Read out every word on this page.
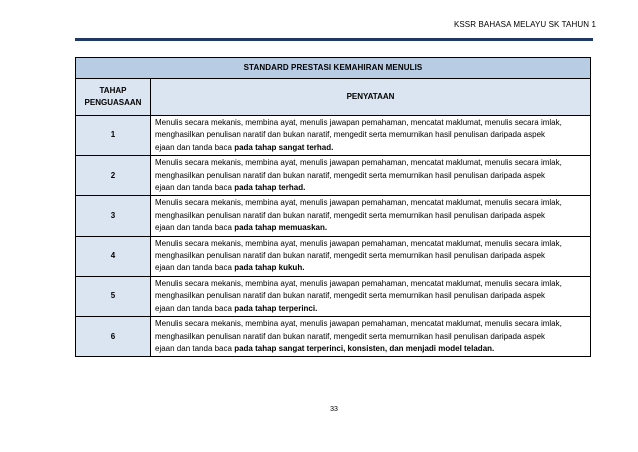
KSSR BAHASA MELAYU SK TAHUN 1
STANDARD PRESTASI KEMAHIRAN MENULIS	
TAHAP PENGUASAAN	PENYATAAN
1	Menulis secara mekanis, membina ayat, menulis jawapan pemahaman, mencatat maklumat, menulis secara imlak,
menghasilkan penulisan naratif dan bukan naratif, mengedit serta memurnikan hasil penulisan daripada aspek
ejaan dan tanda baca pada tahap sangat terhad.

2	Menulis secara mekanis, membina ayat, menulis jawapan pemahaman, mencatat maklumat, menulis secara imlak,
menghasilkan penulisan naratif dan bukan naratif, mengedit serta memurnikan hasil penulisan daripada aspek
ejaan dan tanda baca pada tahap terhad.

3	Menulis secara mekanis, membina ayat, menulis jawapan pemahaman, mencatat maklumat, menulis secara imlak,
menghasilkan penulisan naratif dan bukan naratif, mengedit serta memurnikan hasil penulisan daripada aspek
ejaan dan tanda baca pada tahap memuaskan.

4	Menulis secara mekanis, membina ayat, menulis jawapan pemahaman, mencatat maklumat, menulis secara imlak,
menghasilkan penulisan naratif dan bukan naratif, mengedit serta memurnikan hasil penulisan daripada aspek
ejaan dan tanda baca pada tahap kukuh.

5	Menulis secara mekanis, membina ayat, menulis jawapan pemahaman, mencatat maklumat, menulis secara imlak,
menghasilkan penulisan naratif dan bukan naratif, mengedit serta memurnikan hasil penulisan daripada aspek
ejaan dan tanda baca pada tahap terperinci.

6	Menulis secara mekanis, membina ayat, menulis jawapan pemahaman, mencatat maklumat, menulis secara imlak,
menghasilkan penulisan naratif dan bukan naratif, mengedit serta memurnikan hasil penulisan daripada aspek
ejaan dan tanda baca pada tahap sangat terperinci, konsisten, dan menjadi model teladan.
33
